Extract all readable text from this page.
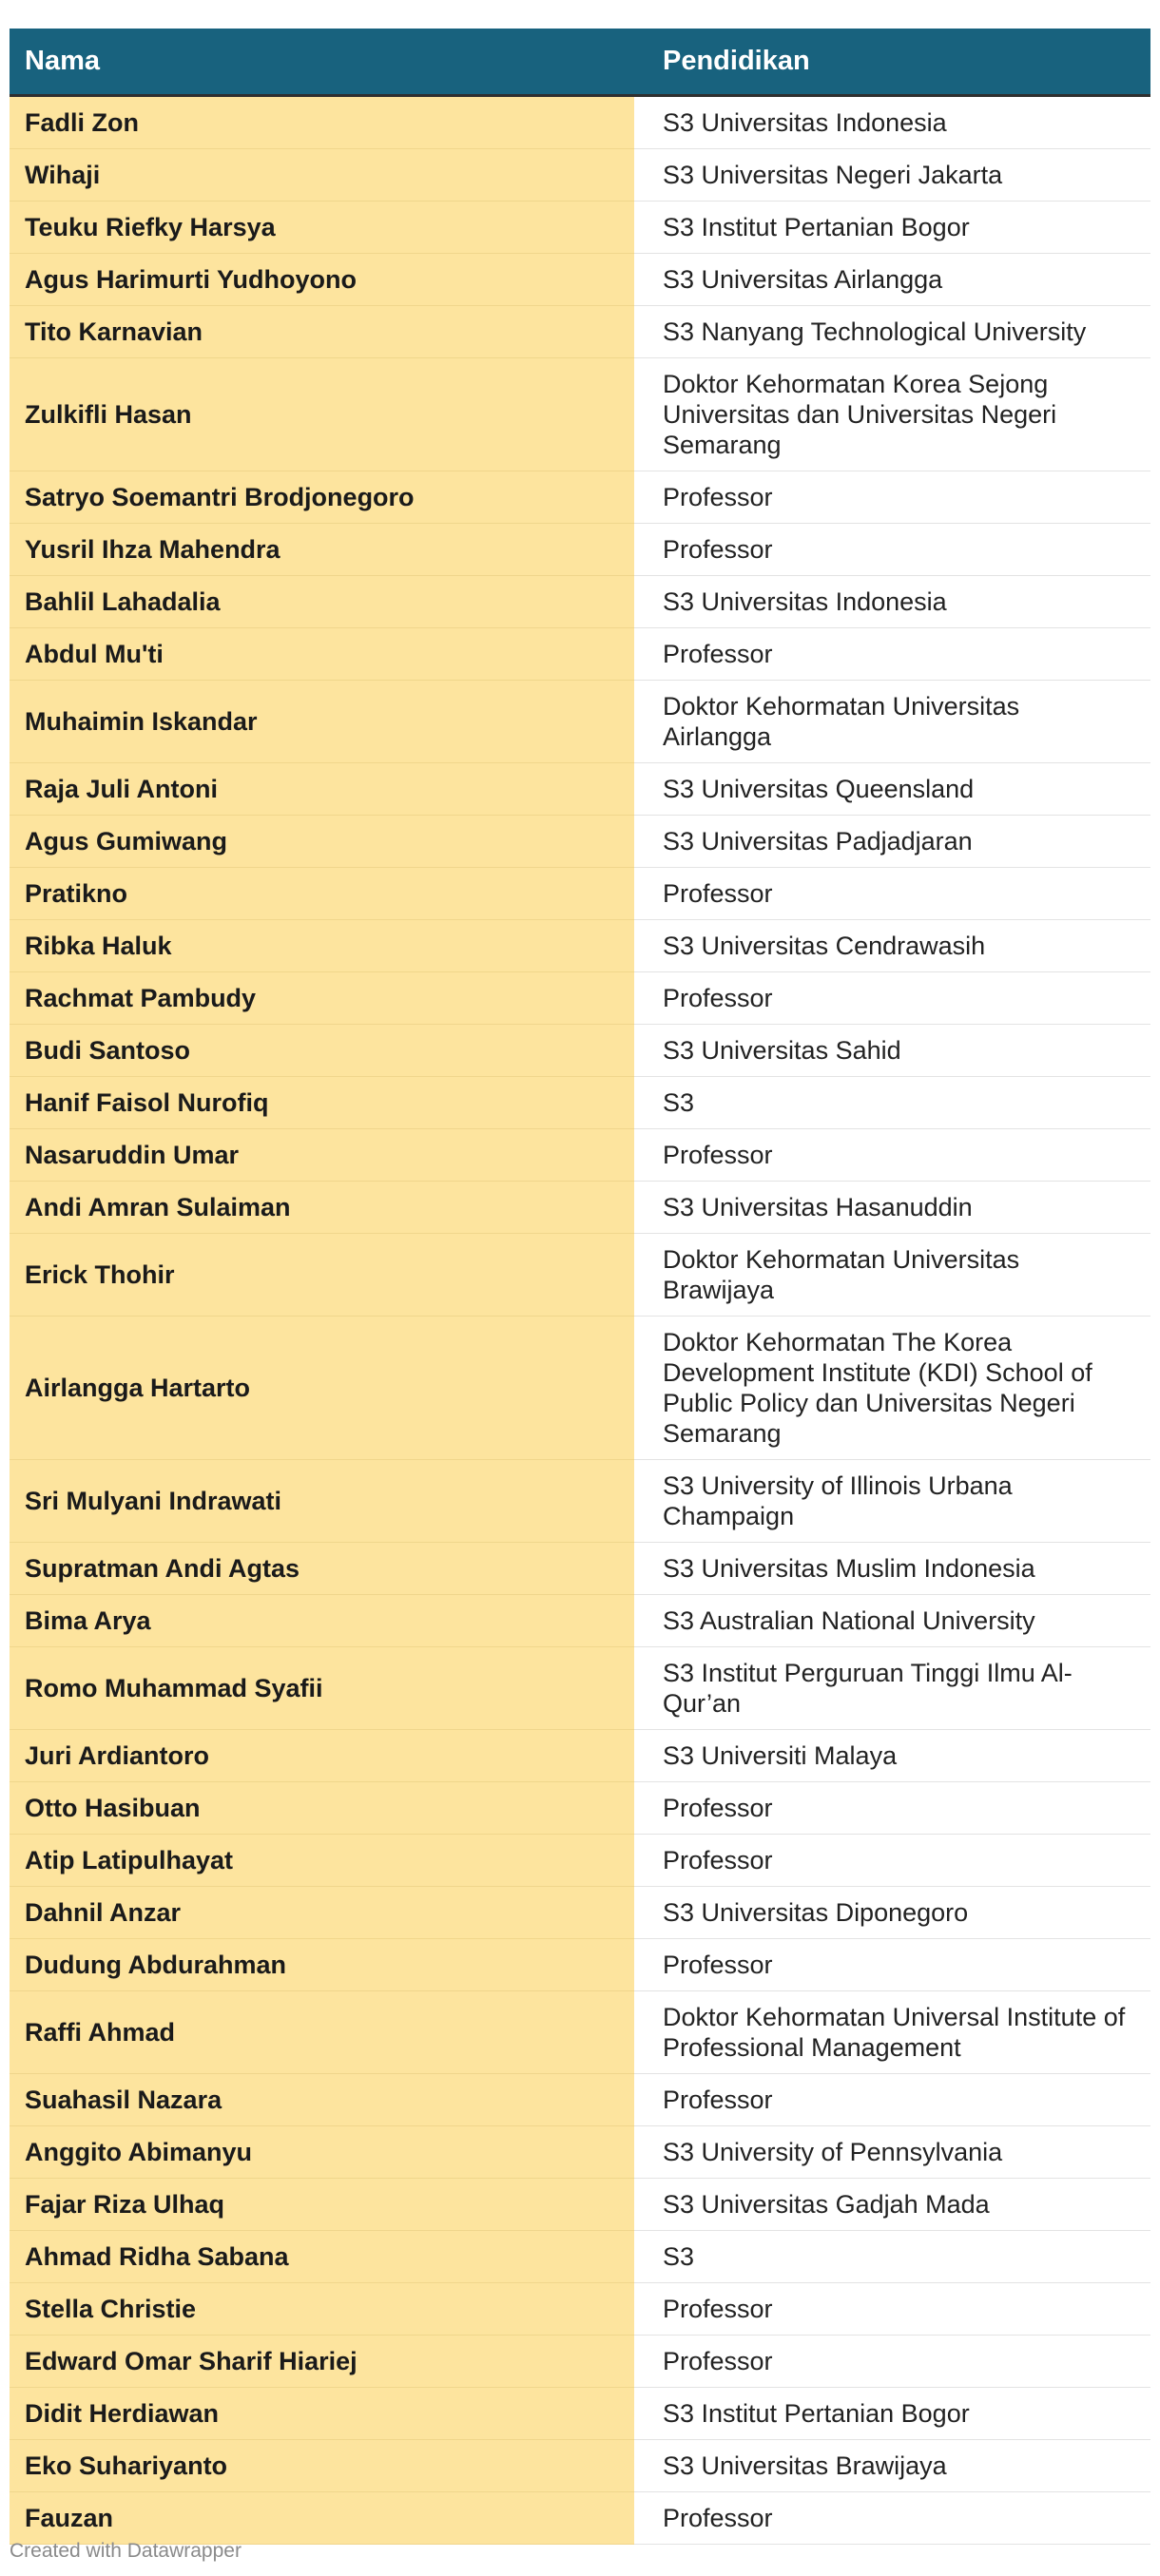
Nama	Pendidikan
Fadli Zon	S3 Universitas Indonesia
Wihaji	S3 Universitas Negeri Jakarta
Teuku Riefky Harsya	S3 Institut Pertanian Bogor
Agus Harimurti Yudhoyono	S3 Universitas Airlangga
Tito Karnavian	S3 Nanyang Technological University
Zulkifli Hasan	Doktor Kehormatan Korea Sejong Universitas dan Universitas Negeri Semarang
Satryo Soemantri Brodjonegoro	Professor
Yusril Ihza Mahendra	Professor
Bahlil Lahadalia	S3 Universitas Indonesia
Abdul Mu'ti	Professor
Muhaimin Iskandar	Doktor Kehormatan Universitas Airlangga
Raja Juli Antoni	S3 Universitas Queensland
Agus Gumiwang	S3 Universitas Padjadjaran
Pratikno	Professor
Ribka Haluk	S3 Universitas Cendrawasih
Rachmat Pambudy	Professor
Budi Santoso	S3 Universitas Sahid
Hanif Faisol Nurofiq	S3
Nasaruddin Umar	Professor
Andi Amran Sulaiman	S3 Universitas Hasanuddin
Erick Thohir	Doktor Kehormatan Universitas Brawijaya
Airlangga Hartarto	Doktor Kehormatan The Korea Development Institute (KDI) School of Public Policy dan Universitas Negeri Semarang
Sri Mulyani Indrawati	S3 University of Illinois Urbana Champaign
Supratman Andi Agtas	S3 Universitas Muslim Indonesia
Bima Arya	S3 Australian National University
Romo Muhammad Syafii	S3 Institut Perguruan Tinggi Ilmu Al-Qur’an
Juri Ardiantoro	S3 Universiti Malaya
Otto Hasibuan	Professor
Atip Latipulhayat	Professor
Dahnil Anzar	S3 Universitas Diponegoro
Dudung Abdurahman	Professor
Raffi Ahmad	Doktor Kehormatan Universal Institute of Professional Management
Suahasil Nazara	Professor
Anggito Abimanyu	S3 University of Pennsylvania
Fajar Riza Ulhaq	S3 Universitas Gadjah Mada
Ahmad Ridha Sabana	S3
Stella Christie	Professor
Edward Omar Sharif Hiariej	Professor
Didit Herdiawan	S3 Institut Pertanian Bogor
Eko Suhariyanto	S3 Universitas Brawijaya
Fauzan	Professor
Created with Datawrapper
